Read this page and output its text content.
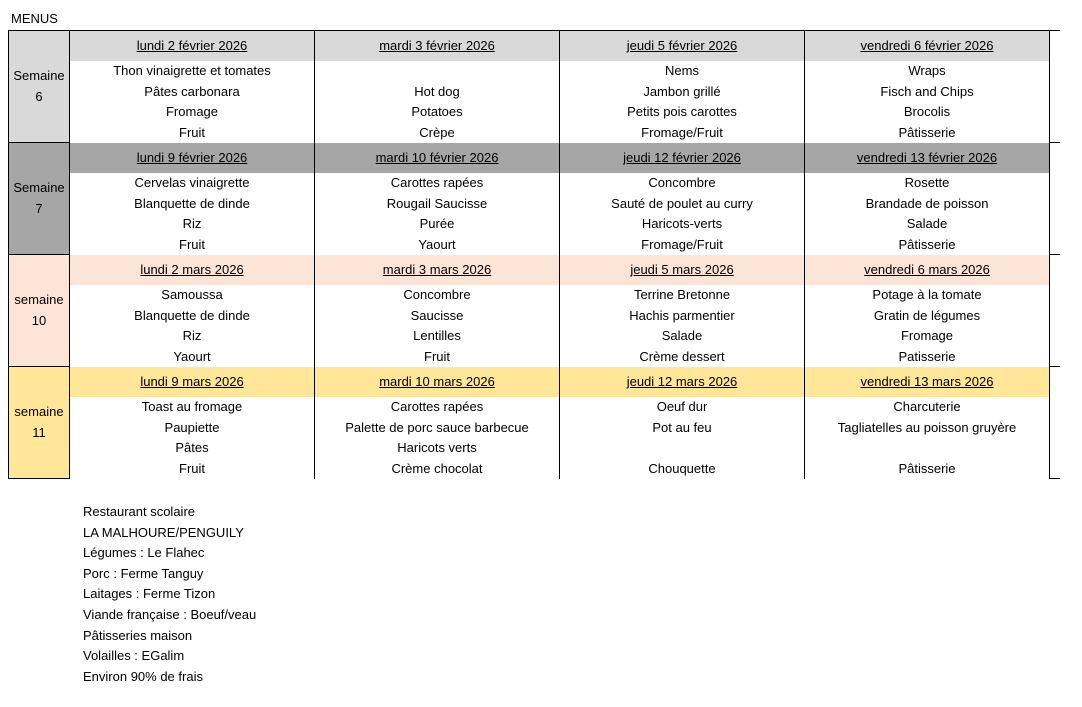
MENUS
Semaine
6
lundi 2 février 2026
Thon vinaigrette et tomates
Pâtes carbonara
Fromage
Fruit
mardi 3 février 2026
Hot dog
Potatoes
Crèpe
jeudi 5 février 2026
Nems
Jambon grillé
Petits pois carottes
Fromage/Fruit
vendredi 6 février 2026
Wraps
Fisch and Chips
Brocolis
Pâtisserie
Semaine
7
lundi 9 février 2026
Cervelas vinaigrette
Blanquette de dinde
Riz
Fruit
mardi 10 février 2026
Carottes rapées
Rougail Saucisse
Purée
Yaourt
jeudi 12 février 2026
Concombre
Sauté de poulet au curry
Haricots-verts
Fromage/Fruit
vendredi 13 février 2026
Rosette
Brandade de poisson
Salade
Pâtisserie
semaine
10
lundi 2 mars 2026
Samoussa
Blanquette de dinde
Riz
Yaourt
mardi 3 mars 2026
Concombre
Saucisse
Lentilles
Fruit
jeudi 5 mars 2026
Terrine Bretonne
Hachis parmentier
Salade
Crème dessert
vendredi 6 mars 2026
Potage à la tomate
Gratin de légumes
Fromage
Patisserie
semaine
11
lundi 9 mars 2026
Toast au fromage
Paupiette
Pâtes
Fruit
mardi 10 mars 2026
Carottes rapées
Palette de porc sauce barbecue
Haricots verts
Crème chocolat
jeudi 12 mars 2026
Oeuf dur
Pot au feu
Chouquette
vendredi 13 mars 2026
Charcuterie
Tagliatelles au poisson gruyère
Pâtisserie
Restaurant scolaire
LA MALHOURE/PENGUILY
Légumes : Le Flahec
Porc : Ferme Tanguy
Laitages : Ferme Tizon
Viande française : Boeuf/veau
Pâtisseries maison
Volailles : EGalim
Environ 90% de frais
